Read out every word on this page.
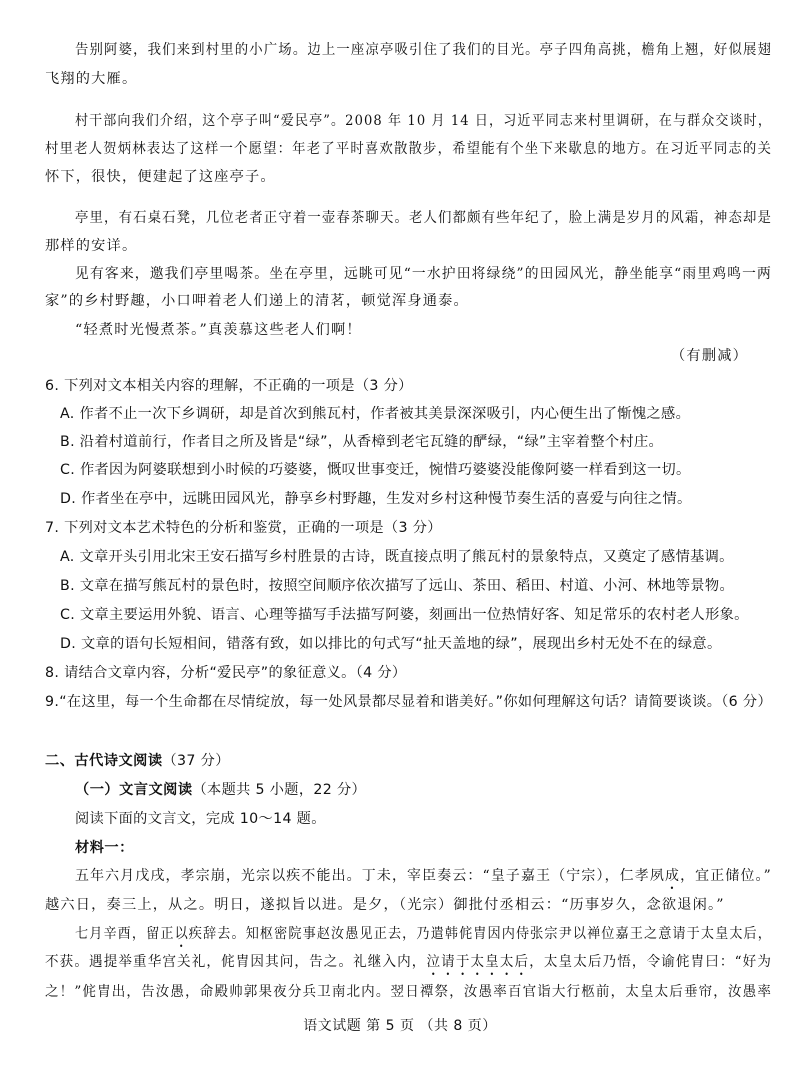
告别阿婆，我们来到村里的小广场。边上一座凉亭吸引住了我们的目光。亭子四角高挑，檐角上翘，好似展翅
飞翔的大雁。
村干部向我们介绍，这个亭子叫“爱民亭”。2008 年 10 月 14 日，习近平同志来村里调研，在与群众交谈时，
村里老人贺炳林表达了这样一个愿望：年老了平时喜欢散散步，希望能有个坐下来歇息的地方。在习近平同志的关
怀下，很快，便建起了这座亭子。
亭里，有石桌石凳，几位老者正守着一壶春茶聊天。老人们都颇有些年纪了，脸上满是岁月的风霜，神态却是
那样的安详。
见有客来，邀我们亭里喝茶。坐在亭里，远眺可见“一水护田将绿绕”的田园风光，静坐能享“雨里鸡鸣一两
家”的乡村野趣，小口呷着老人们递上的清茗，顿觉浑身通泰。
“轻煮时光慢煮茶。”真羡慕这些老人们啊！
（有删减）
6. 下列对文本相关内容的理解，不正确的一项是（3 分）
A. 作者不止一次下乡调研，却是首次到熊瓦村，作者被其美景深深吸引，内心便生出了惭愧之感。
B. 沿着村道前行，作者目之所及皆是“绿”，从香樟到老宅瓦缝的酽绿，“绿”主宰着整个村庄。
C. 作者因为阿婆联想到小时候的巧婆婆，慨叹世事变迁，惋惜巧婆婆没能像阿婆一样看到这一切。
D. 作者坐在亭中，远眺田园风光，静享乡村野趣，生发对乡村这种慢节奏生活的喜爱与向往之情。
7. 下列对文本艺术特色的分析和鉴赏，正确的一项是（3 分）
A. 文章开头引用北宋王安石描写乡村胜景的古诗，既直接点明了熊瓦村的景象特点，又奠定了感情基调。
B. 文章在描写熊瓦村的景色时，按照空间顺序依次描写了远山、茶田、稻田、村道、小河、林地等景物。
C. 文章主要运用外貌、语言、心理等描写手法描写阿婆，刻画出一位热情好客、知足常乐的农村老人形象。
D. 文章的语句长短相间，错落有致，如以排比的句式写“扯天盖地的绿”，展现出乡村无处不在的绿意。
8. 请结合文章内容，分析“爱民亭”的象征意义。（4 分）
9.“在这里，每一个生命都在尽情绽放，每一处风景都尽显着和谐美好。”你如何理解这句话？请简要谈谈。（6 分）
二、古代诗文阅读（37 分）
（一）文言文阅读（本题共 5 小题，22 分）
阅读下面的文言文，完成 10～14 题。
材料一：
五年六月戊戌，孝宗崩，光宗以疾不能出。丁未，宰臣奏云：“皇子嘉王（宁宗），仁孝夙成，宜正储位。”
越六日，奏三上，从之。明日，遂拟旨以进。是夕，（光宗）御批付丞相云：“历事岁久，念欲退闲。”
七月辛酉，留正以疾辞去。知枢密院事赵汝愚见正去，乃遣韩侂胄因内侍张宗尹以禅位嘉王之意请于太皇太后，
不获。遇提举重华宫关礼，侂胄因其问，告之。礼继入内，泣请于太皇太后，太皇太后乃悟，令谕侂胄曰：“好为
之！”侂胄出，告汝愚，命殿帅郭果夜分兵卫南北内。翌日禫祭，汝愚率百官诣大行柩前，太皇太后垂帘，汝愚率
语文试题 第 5 页 （共 8 页）
